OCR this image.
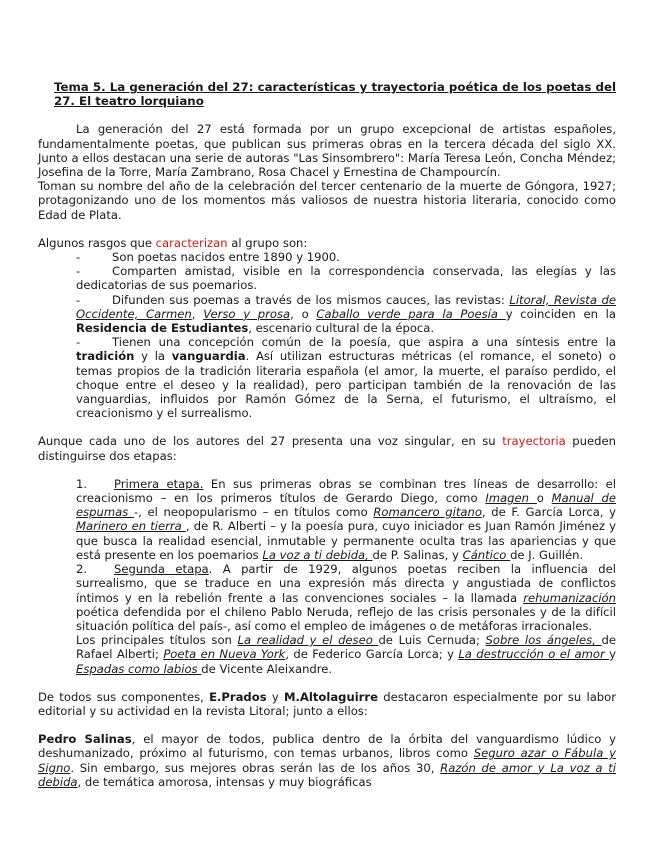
Tema 5. La generación del 27: características y trayectoria poética de los poetas del 27. El teatro lorquiano

La generación del 27 está formada por un grupo excepcional de artistas españoles, fundamentalmente poetas, que publican sus primeras obras en la tercera década del siglo XX. Junto a ellos destacan una serie de autoras "Las Sinsombrero": María Teresa León, Concha Méndez; Josefina de la Torre, María Zambrano, Rosa Chacel y Ernestina de Champourcín.

Toman su nombre del año de la celebración del tercer centenario de la muerte de Góngora, 1927; protagonizando uno de los momentos más valiosos de nuestra historia literaria, conocido como Edad de Plata.

Algunos rasgos que caracterizan al grupo son:

-	Son poetas nacidos entre 1890 y 1900.

-	Comparten amistad, visible en la correspondencia conservada, las elegías y las dedicatorias de sus poemarios.

-	Difunden sus poemas a través de los mismos cauces, las revistas: Litoral, Revista de Occidente, Carmen, Verso y prosa, o Caballo verde para la Poesía y coinciden en la Residencia de Estudiantes, escenario cultural de la época.

-	Tienen una concepción común de la poesía, que aspira a una síntesis entre la tradición y la vanguardia. Así utilizan estructuras métricas (el romance, el soneto) o temas propios de la tradición literaria española (el amor, la muerte, el paraíso perdido, el choque entre el deseo y la realidad), pero participan también de la renovación de las vanguardias, influidos por Ramón Gómez de la Serna, el futurismo, el ultraísmo, el creacionismo y el surrealismo.

Aunque cada uno de los autores del 27 presenta una voz singular, en su trayectoria pueden distinguirse dos etapas:

1. Primera etapa. En sus primeras obras se combinan tres líneas de desarrollo: el creacionismo – en los primeros títulos de Gerardo Diego, como Imagen o Manual de espumas -, el neopopularismo – en títulos como Romancero gitano, de F. García Lorca, y Marinero en tierra , de R. Alberti – y la poesía pura, cuyo iniciador es Juan Ramón Jiménez y que busca la realidad esencial, inmutable y permanente oculta tras las apariencias y que está presente en los poemarios La voz a ti debida, de P. Salinas, y Cántico de J. Guillén.

2. Segunda etapa. A partir de 1929, algunos poetas reciben la influencia del surrealismo, que se traduce en una expresión más directa y angustiada de conflictos íntimos y en la rebelión frente a las convenciones sociales – la llamada rehumanización poética defendida por el chileno Pablo Neruda, reflejo de las crisis personales y de la difícil situación política del país-, así como el empleo de imágenes o de metáforas irracionales.

Los principales títulos son La realidad y el deseo de Luis Cernuda; Sobre los ángeles, de Rafael Alberti; Poeta en Nueva York, de Federico García Lorca; y La destrucción o el amor y Espadas como labios de Vicente Aleixandre.

De todos sus componentes, E.Prados y M.Altolaguirre destacaron especialmente por su labor editorial y su actividad en la revista Litoral; junto a ellos:

Pedro Salinas, el mayor de todos, publica dentro de la órbita del vanguardismo lúdico y deshumanizado, próximo al futurismo, con temas urbanos, libros como Seguro azar o Fábula y Signo. Sin embargo, sus mejores obras serán las de los años 30, Razón de amor y La voz a ti debida, de temática amorosa, intensas y muy biográficas
